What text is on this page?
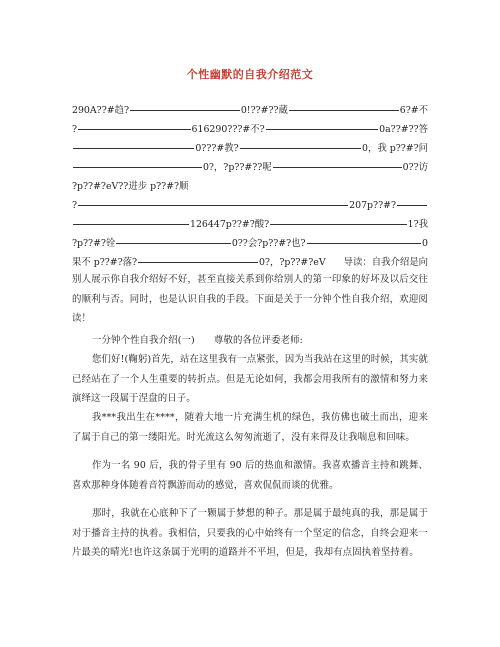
个性幽默的自我介绍范文
290A??#趋?	0!??#??蔵	6?#不
?	616290???#不?	0a??#??答
0???#教?	0，我 p??#?问
0?，?p??#??呢	0??访
?p??#?eV??进步 p??#?顺
?	207p??#?
126447p??#?酸?	1?我
?p??#?铨	0??会?p??#?也?	0
果不 p??#?落?	0?，?p??#?eV 导读：自我介绍是向
别人展示你自我介绍好不好，甚至直接关系到你给别人的第一印象的好坏及以后交往的顺利与否。同时，也是认识自我的手段。下面是关于一分钟个性自我介绍，欢迎阅读！
一分钟个性自我介绍(一)　　尊敬的各位评委老师:
您们好!(鞠躬)首先，站在这里我有一点紧张，因为当我站在这里的时候，其实就已经站在了一个人生重要的转折点。但是无论如何，我都会用我所有的激情和努力来演绎这一段属于涅盘的日子。
我***我出生在****，随着大地一片充满生机的绿色，我仿佛也破土而出，迎来了属于自己的第一缕阳光。时光流这么匆匆流逝了，没有来得及让我喘息和回味。
作为一名 90 后，我的骨子里有 90 后的热血和激情。我喜欢播音主持和跳舞、喜欢那种身体随着音符飘游而动的感觉，喜欢侃侃而谈的优雅。
那时，我就在心底种下了一颗属于梦想的种子。那是属于最纯真的我，那是属于对于播音主持的执着。我相信，只要我的心中始终有一个坚定的信念，自终会迎来一片最美的晴光!也许这条属于光明的道路并不平坦，但是，我却有点固执着坚持着。
